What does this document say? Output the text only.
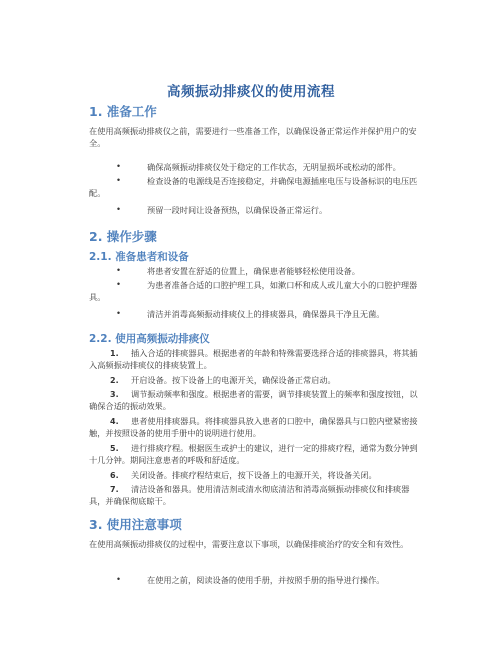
高频振动排痰仪的使用流程
1. 准备工作
在使用高频振动排痰仪之前，需要进行一些准备工作，以确保设备正常运作并保护用户的安全。
•	确保高频振动排痰仪处于稳定的工作状态，无明显损坏或松动的部件。
•	检查设备的电源线是否连接稳定，并确保电源插座电压与设备标识的电压匹配。
•	预留一段时间让设备预热，以确保设备正常运行。
2. 操作步骤
2.1. 准备患者和设备
•	将患者安置在舒适的位置上，确保患者能够轻松使用设备。
•	为患者准备合适的口腔护理工具，如漱口杯和成人或儿童大小的口腔护理器具。
•	清洁并消毒高频振动排痰仪上的排痰器具，确保器具干净且无菌。
2.2. 使用高频振动排痰仪
1.	插入合适的排痰器具。根据患者的年龄和特殊需要选择合适的排痰器具，将其插入高频振动排痰仪的排痰装置上。
2.	开启设备。按下设备上的电源开关，确保设备正常启动。
3.	调节振动频率和强度。根据患者的需要，调节排痰装置上的频率和强度按钮，以确保合适的振动效果。
4.	患者使用排痰器具。将排痰器具放入患者的口腔中，确保器具与口腔内壁紧密接触，并按照设备的使用手册中的说明进行使用。
5.	进行排痰疗程。根据医生或护士的建议，进行一定的排痰疗程，通常为数分钟到十几分钟。期间注意患者的呼吸和舒适度。
6.	关闭设备。排痰疗程结束后，按下设备上的电源开关，将设备关闭。
7.	清洁设备和器具。使用清洁剂或清水彻底清洁和消毒高频振动排痰仪和排痰器具，并确保彻底晾干。
3. 使用注意事项
在使用高频振动排痰仪的过程中，需要注意以下事项，以确保排痰治疗的安全和有效性。
•	在使用之前，阅读设备的使用手册，并按照手册的指导进行操作。
